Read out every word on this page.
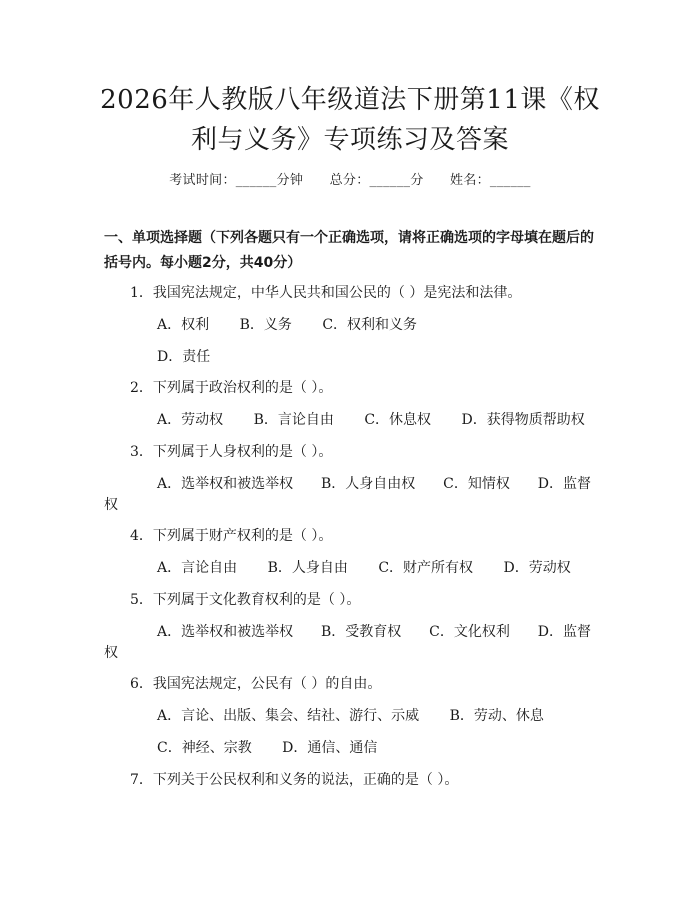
2026年人教版八年级道法下册第11课《权利与义务》专项练习及答案
考试时间：______分钟 总分：______分 姓名：______
一、单项选择题（下列各题只有一个正确选项，请将正确选项的字母填在题后的括号内。每小题2分，共40分）
1．我国宪法规定，中华人民共和国公民的（ ）是宪法和法律。
A．权利 B．义务 C．权利和义务
D．责任
2．下列属于政治权利的是（ ）。
A．劳动权 B．言论自由 C．休息权 D．获得物质帮助权
3．下列属于人身权利的是（ ）。
A．选举权和被选举权 B．人身自由权 C．知情权 D．监督
权
4．下列属于财产权利的是（ ）。
A．言论自由 B．人身自由 C．财产所有权 D．劳动权
5．下列属于文化教育权利的是（ ）。
A．选举权和被选举权 B．受教育权 C．文化权利 D．监督
权
6．我国宪法规定，公民有（ ）的自由。
A．言论、出版、集会、结社、游行、示威 B．劳动、休息
C．神经、宗教 D．通信、通信
7．下列关于公民权利和义务的说法，正确的是（ ）。
